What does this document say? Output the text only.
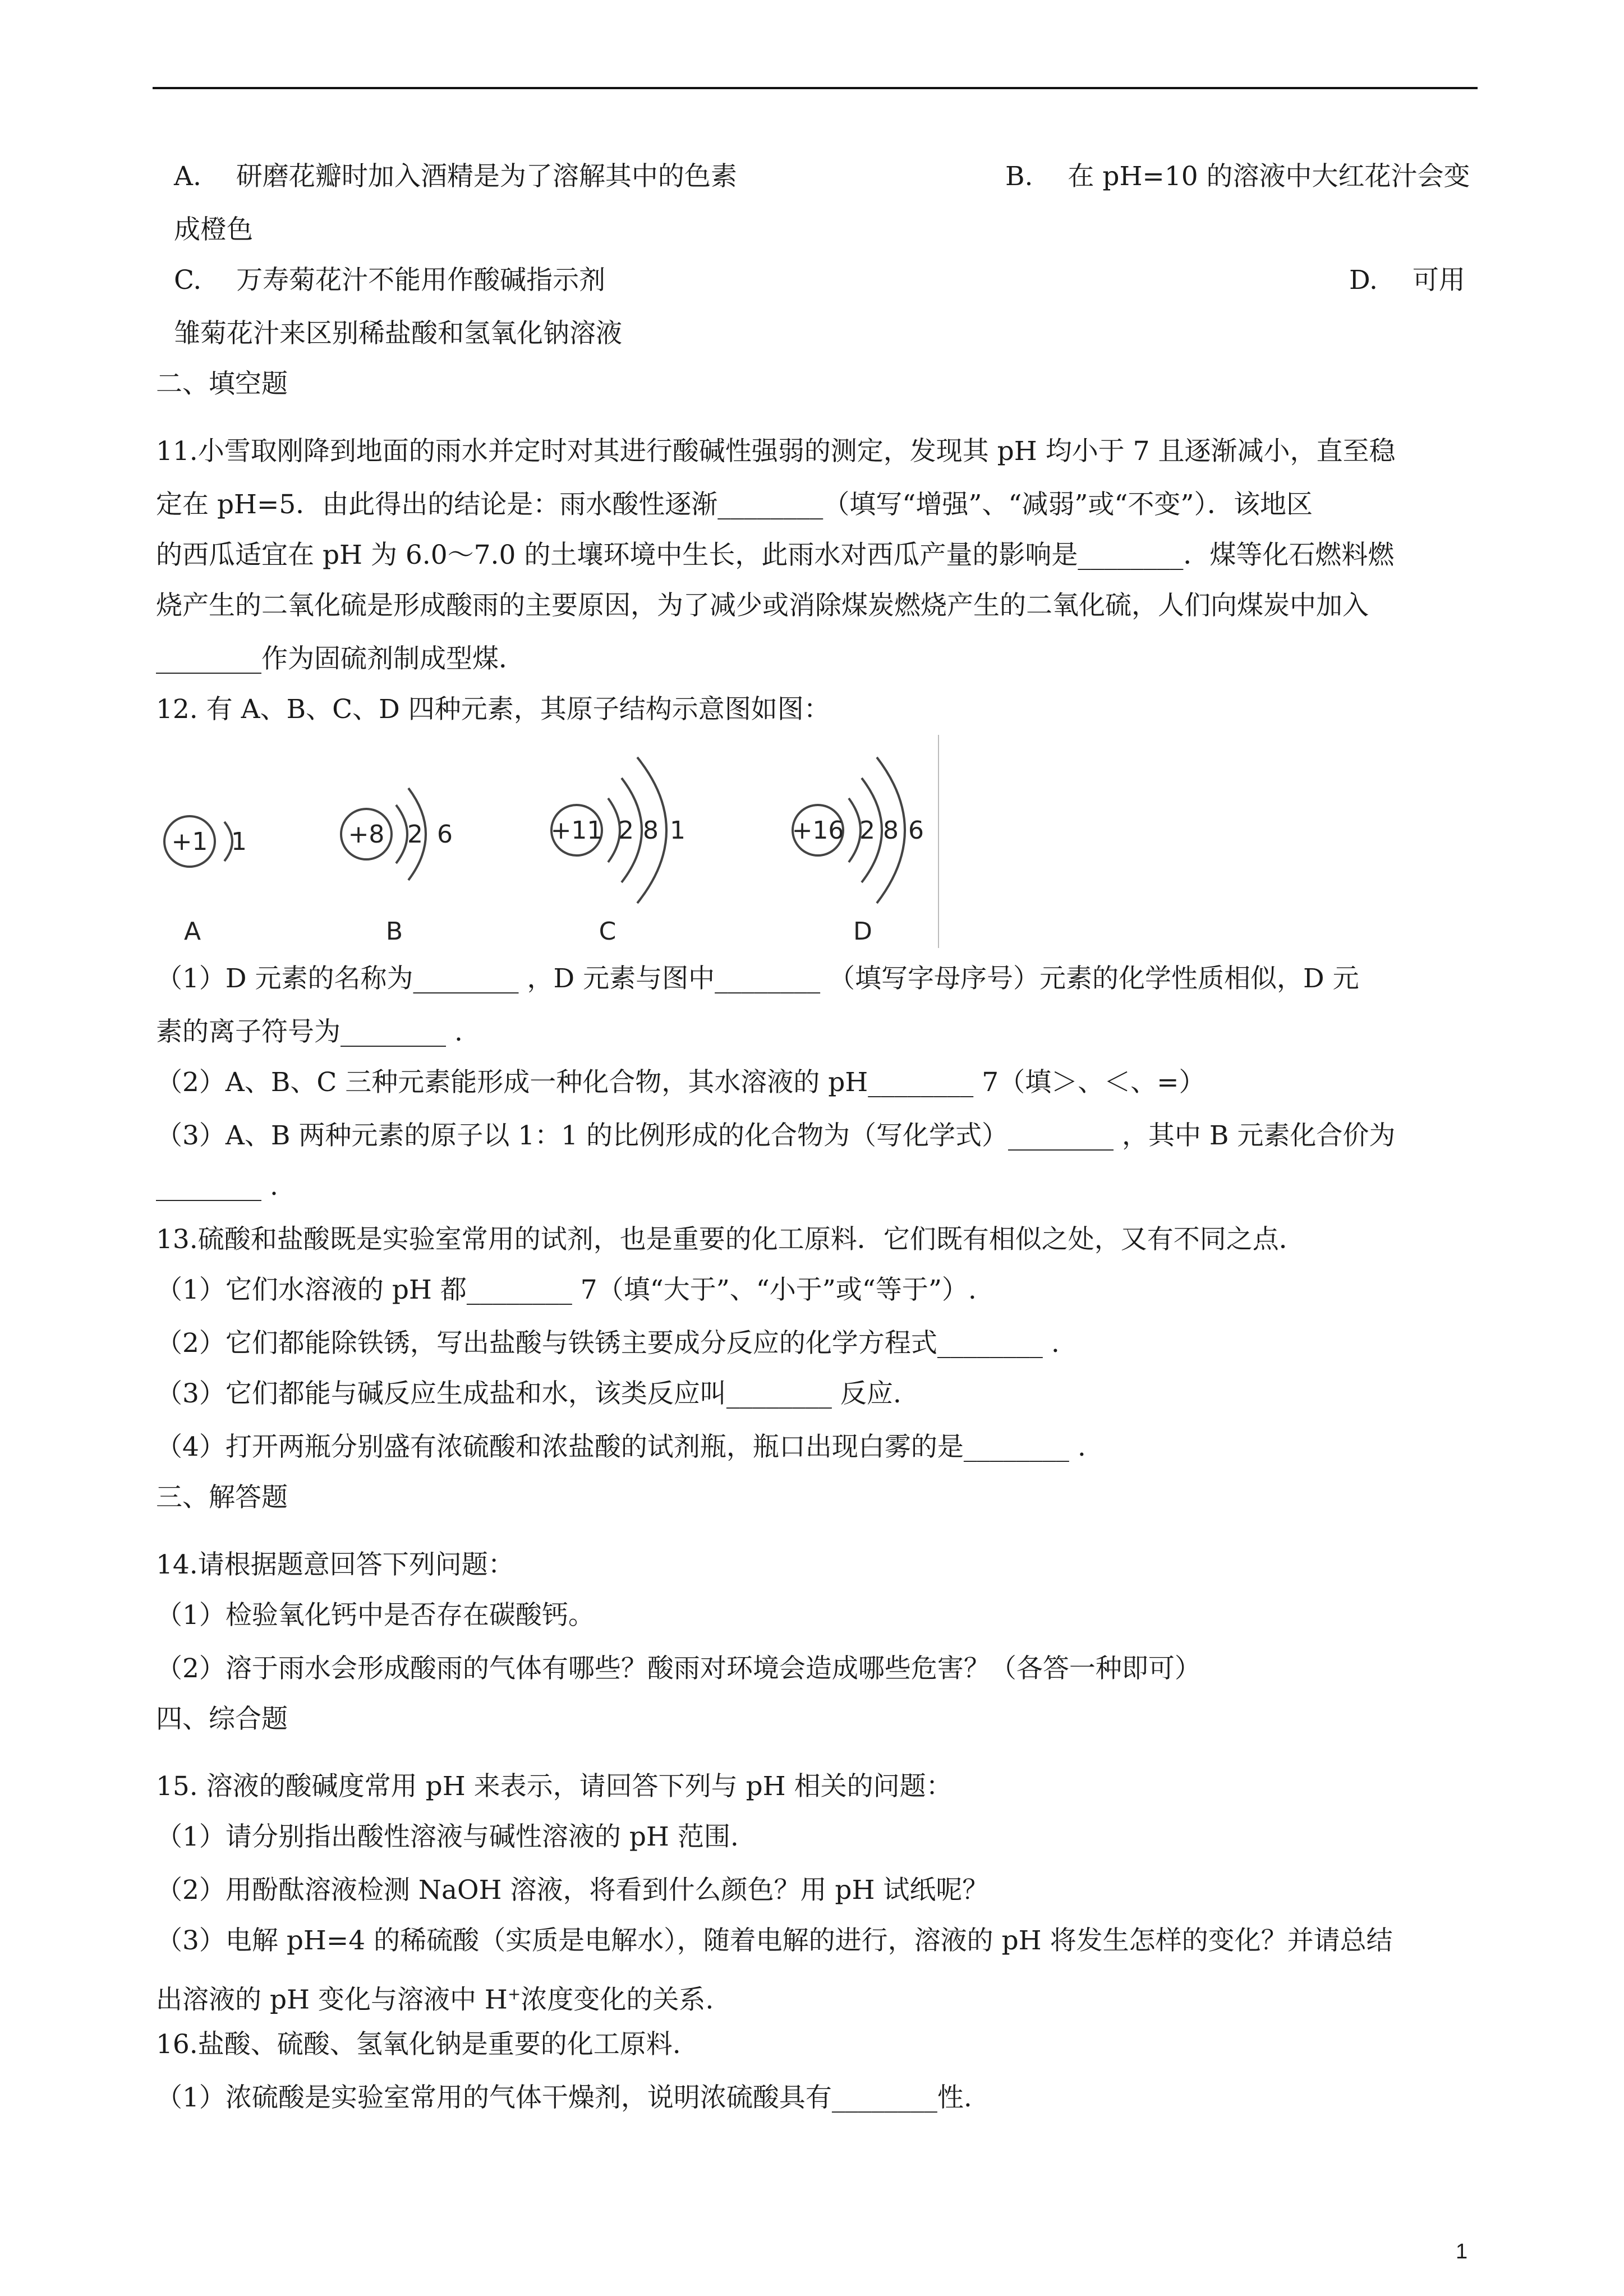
A.　 研磨花瓣时加入酒精是为了溶解其中的色素	B.　 在 pH=10 的溶液中大红花汁会变
成橙色
C.　 万寿菊花汁不能用作酸碱指示剂	D.　 可用
雏菊花汁来区别稀盐酸和氢氧化钠溶液
二、填空题
11.小雪取刚降到地面的雨水并定时对其进行酸碱性强弱的测定，发现其 pH 均小于 7 且逐渐减小，直至稳
定在 pH=5．由此得出的结论是：雨水酸性逐渐________（填写“增强”、“减弱”或“不变”）．该地区
的西瓜适宜在 pH 为 6.0～7.0 的土壤环境中生长，此雨水对西瓜产量的影响是________．煤等化石燃料燃
烧产生的二氧化硫是形成酸雨的主要原因，为了减少或消除煤炭燃烧产生的二氧化硫，人们向煤炭中加入
________作为固硫剂制成型煤．
12. 有 A、B、C、D 四种元素，其原子结构示意图如图：
+1 1
A
+8 2 6
B
+11 2 8 1
C
+16 2 8 6
D
（1）D 元素的名称为________ ，D 元素与图中________ （填写字母序号）元素的化学性质相似，D 元
素的离子符号为________ .
（2）A、B、C 三种元素能形成一种化合物，其水溶液的 pH________ 7（填＞、＜、=）
（3）A、B 两种元素的原子以 1：1 的比例形成的化合物为（写化学式）________ ，其中 B 元素化合价为
________ .
13.硫酸和盐酸既是实验室常用的试剂，也是重要的化工原料．它们既有相似之处，又有不同之点．
（1）它们水溶液的 pH 都________ 7（填“大于”、“小于”或“等于”）.
（2）它们都能除铁锈，写出盐酸与铁锈主要成分反应的化学方程式________ .
（3）它们都能与碱反应生成盐和水，该类反应叫________ 反应.
（4）打开两瓶分别盛有浓硫酸和浓盐酸的试剂瓶，瓶口出现白雾的是________ .
三、解答题
14.请根据题意回答下列问题：
（1）检验氧化钙中是否存在碳酸钙。
（2）溶于雨水会形成酸雨的气体有哪些？酸雨对环境会造成哪些危害？（各答一种即可）
四、综合题
15. 溶液的酸碱度常用 pH 来表示，请回答下列与 pH 相关的问题：
（1）请分别指出酸性溶液与碱性溶液的 pH 范围.
（2）用酚酞溶液检测 NaOH 溶液，将看到什么颜色？用 pH 试纸呢？
（3）电解 pH=4 的稀硫酸（实质是电解水），随着电解的进行，溶液的 pH 将发生怎样的变化？并请总结
出溶液的 pH 变化与溶液中 H+浓度变化的关系.
16.盐酸、硫酸、氢氧化钠是重要的化工原料.
（1）浓硫酸是实验室常用的气体干燥剂，说明浓硫酸具有________性.
1
